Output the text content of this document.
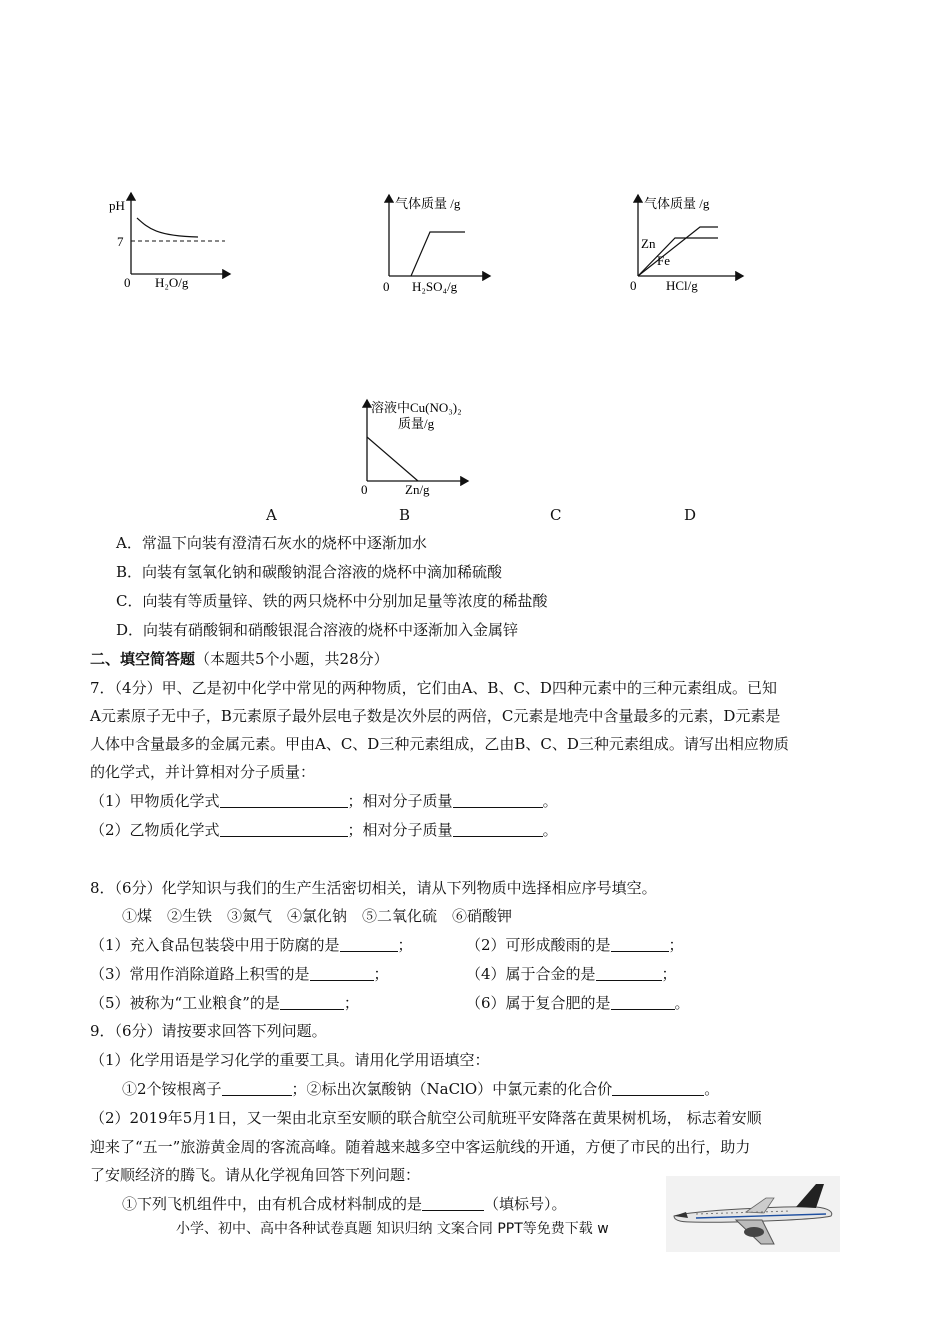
pH
7
0 H₂O/g
气体质量 /g
0 H₂SO₄/g
气体质量 /g
Zn
Fe
0 HCl/g
溶液中Cu(NO₃)₂
质量/g
0	Zn/g
A	B	C	D
A．常温下向装有澄清石灰水的烧杯中逐渐加水
B．向装有氢氧化钠和碳酸钠混合溶液的烧杯中滴加稀硫酸
C．向装有等质量锌、铁的两只烧杯中分别加足量等浓度的稀盐酸
D．向装有硝酸铜和硝酸银混合溶液的烧杯中逐渐加入金属锌
二、填空简答题（本题共5个小题，共28分）
7．（4分）甲、乙是初中化学中常见的两种物质，它们由A、B、C、D四种元素中的三种元素组成。已知
A元素原子无中子，B元素原子最外层电子数是次外层的两倍，C元素是地壳中含量最多的元素，D元素是
人体中含量最多的金属元素。甲由A、C、D三种元素组成，乙由B、C、D三种元素组成。请写出相应物质
的化学式，并计算相对分子质量：
（1）甲物质化学式	；相对分子质量	。
（2）乙物质化学式	；相对分子质量	。
8．（6分）化学知识与我们的生产生活密切相关，请从下列物质中选择相应序号填空。
①煤　②生铁　③氮气　④氯化钠　⑤二氧化硫　⑥硝酸钾
（1）充入食品包装袋中用于防腐的是	；	（2）可形成酸雨的是	；
（3）常用作消除道路上积雪的是	；	（4）属于合金的是	；
（5）被称为“工业粮食”的是	；	（6）属于复合肥的是	。
9．（6分）请按要求回答下列问题。
（1）化学用语是学习化学的重要工具。请用化学用语填空：
①2个铵根离子	；②标出次氯酸钠（NaClO）中氯元素的化合价	。
（2）2019年5月1日，又一架由北京至安顺的联合航空公司航班平安降落在黄果树机场， 标志着安顺
迎来了“五一”旅游黄金周的客流高峰。随着越来越多空中客运航线的开通，方便了市民的出行，助力
了安顺经济的腾飞。请从化学视角回答下列问题：
①下列飞机组件中，由有机合成材料制成的是	（填标号）。
小学、初中、高中各种试卷真题 知识归纳 文案合同 PPT等免费下载 w
